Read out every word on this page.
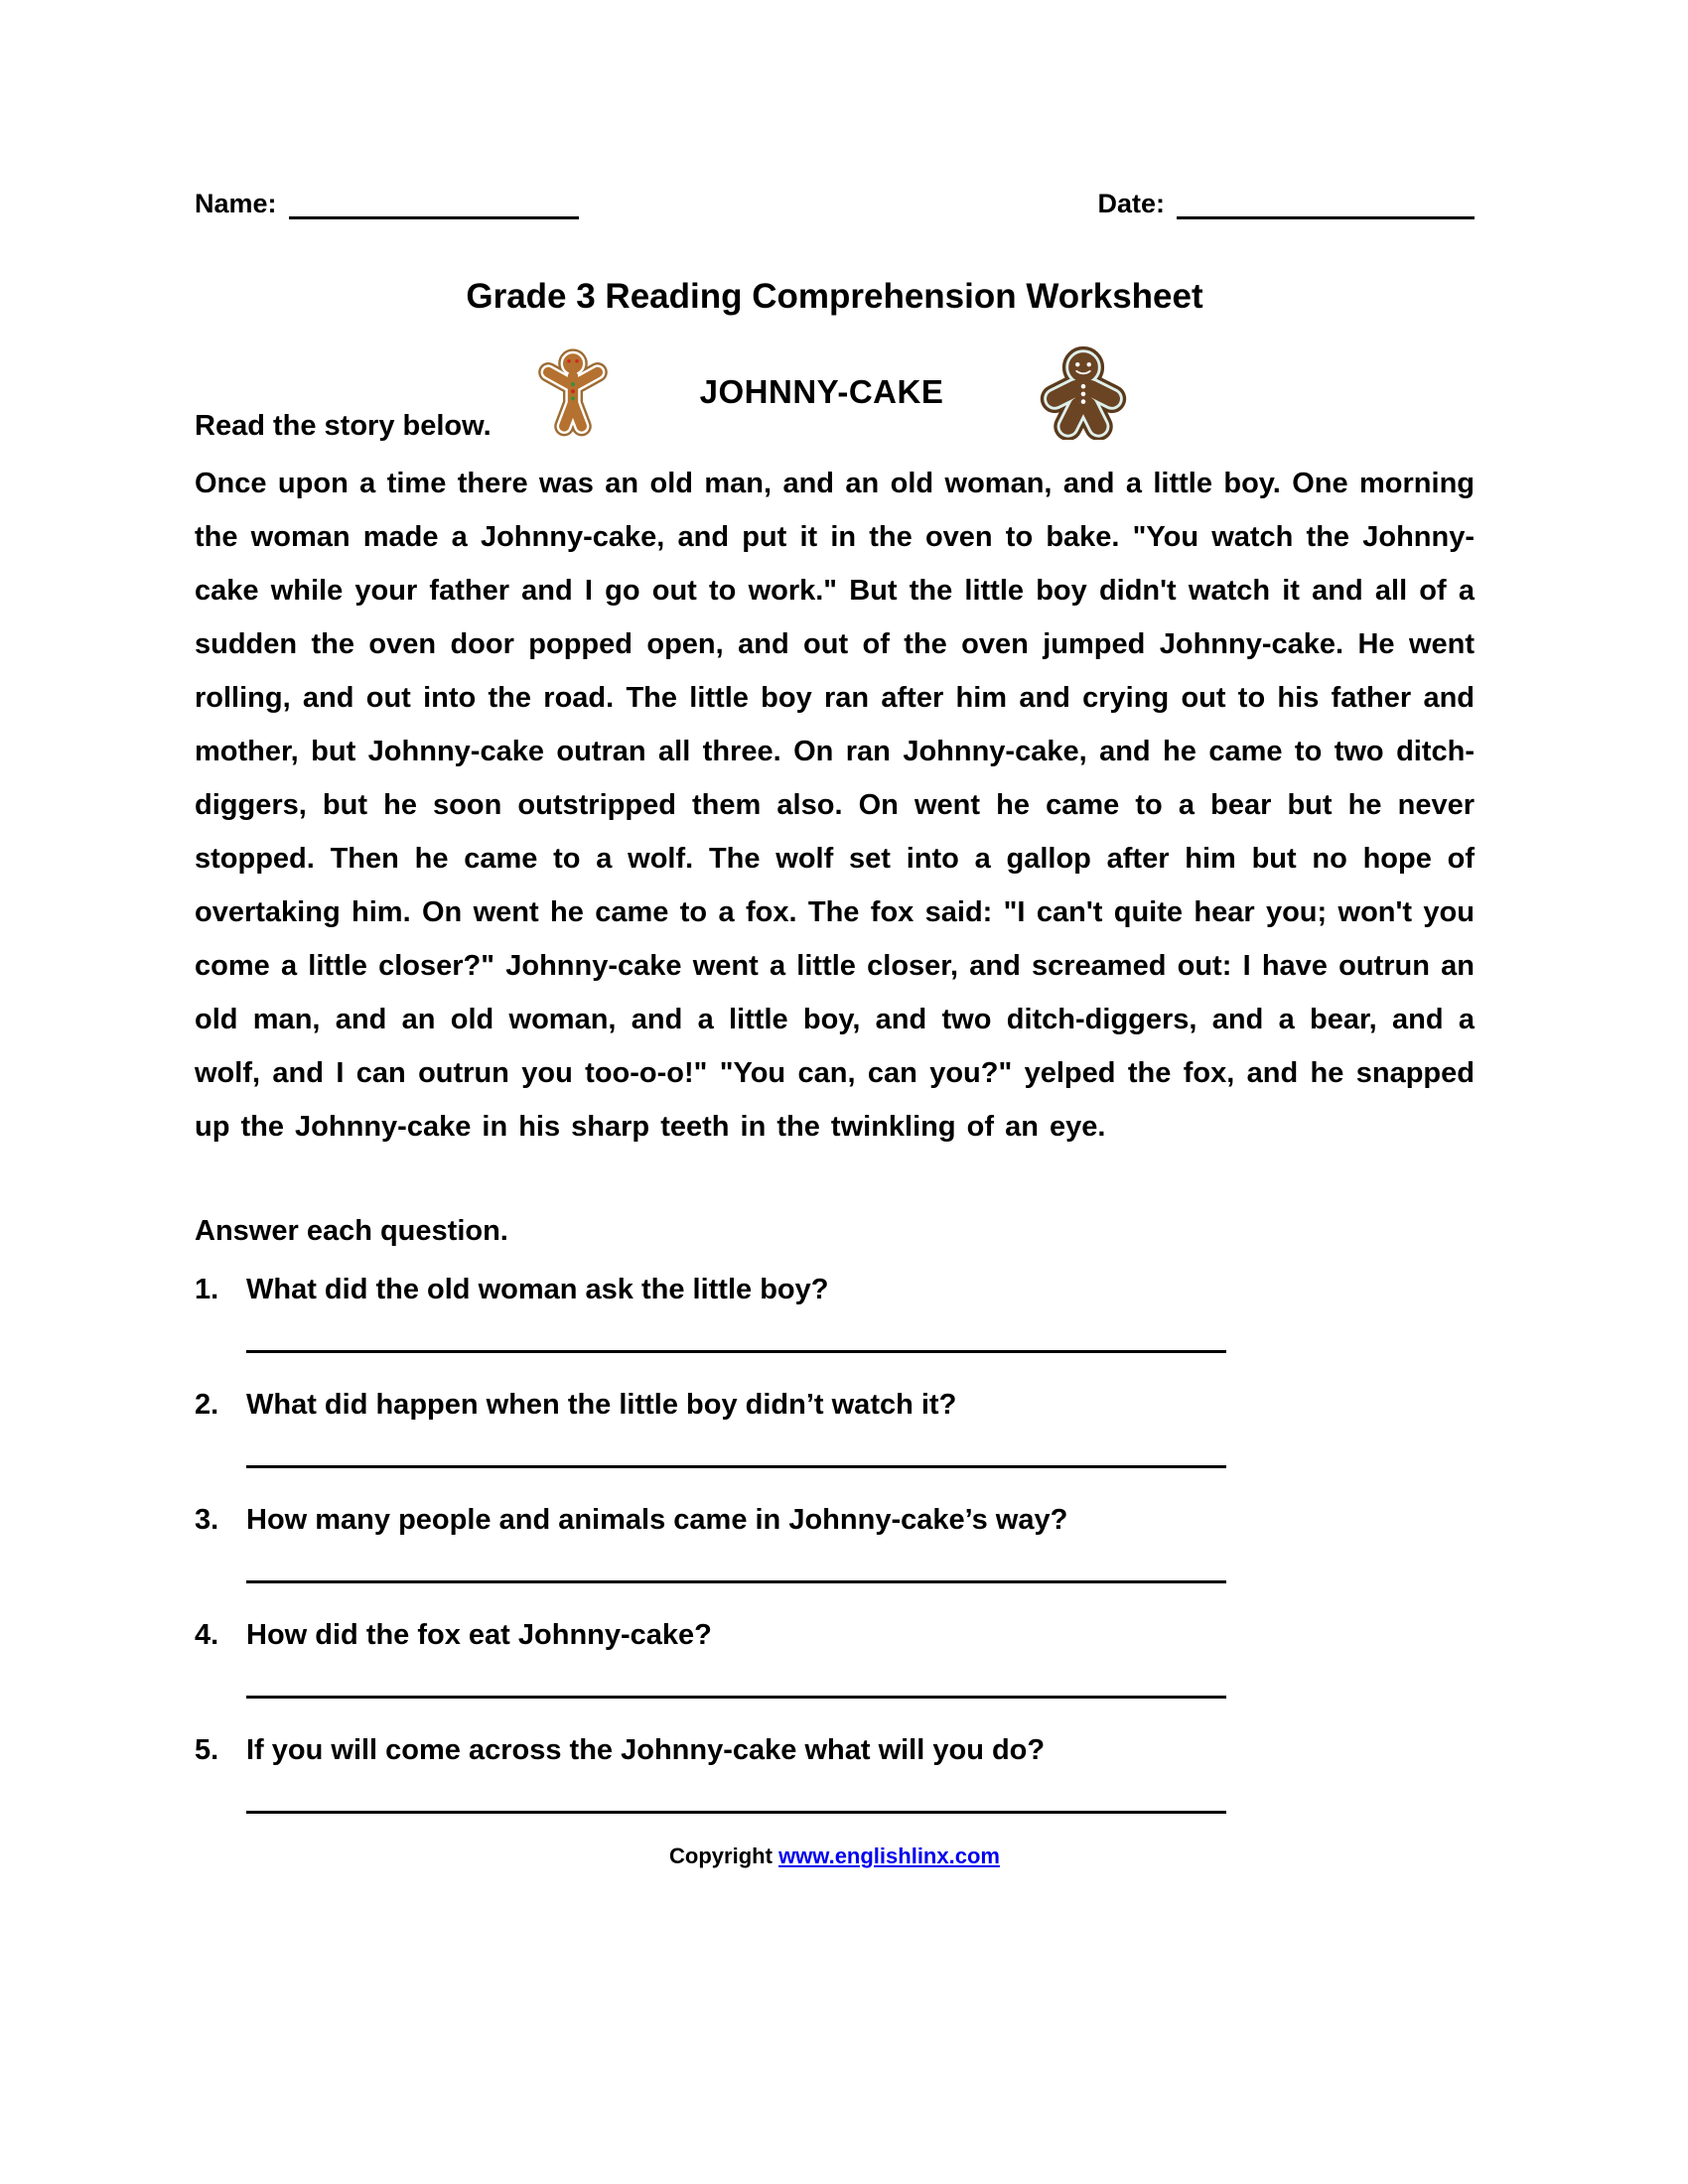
Name:	Date:
Grade 3 Reading Comprehension Worksheet
JOHNNY-CAKE
Read the story below.

Once upon a time there was an old man, and an old woman, and a little boy. One morning the woman made a Johnny-cake, and put it in the oven to bake. "You watch the Johnny-cake while your father and I go out to work." But the little boy didn't watch it and all of a sudden the oven door popped open, and out of the oven jumped Johnny-cake. He went rolling, and out into the road. The little boy ran after him and crying out to his father and mother, but Johnny-cake outran all three. On ran Johnny-cake, and he came to two ditch-diggers, but he soon outstripped them also. On went he came to a bear but he never stopped. Then he came to a wolf. The wolf set into a gallop after him but no hope of overtaking him. On went he came to a fox. The fox said: "I can't quite hear you; won't you come a little closer?" Johnny-cake went a little closer, and screamed out: I have outrun an old man, and an old woman, and a little boy, and two ditch-diggers, and a bear, and a wolf, and I can outrun you too-o-o!" "You can, can you?" yelped the fox, and he snapped up the Johnny-cake in his sharp teeth in the twinkling of an eye.

Answer each question.
1. What did the old woman ask the little boy?
2. What did happen when the little boy didn’t watch it?
3. How many people and animals came in Johnny-cake’s way?
4. How did the fox eat Johnny-cake?
5. If you will come across the Johnny-cake what will you do?
Copyright www.englishlinx.com
